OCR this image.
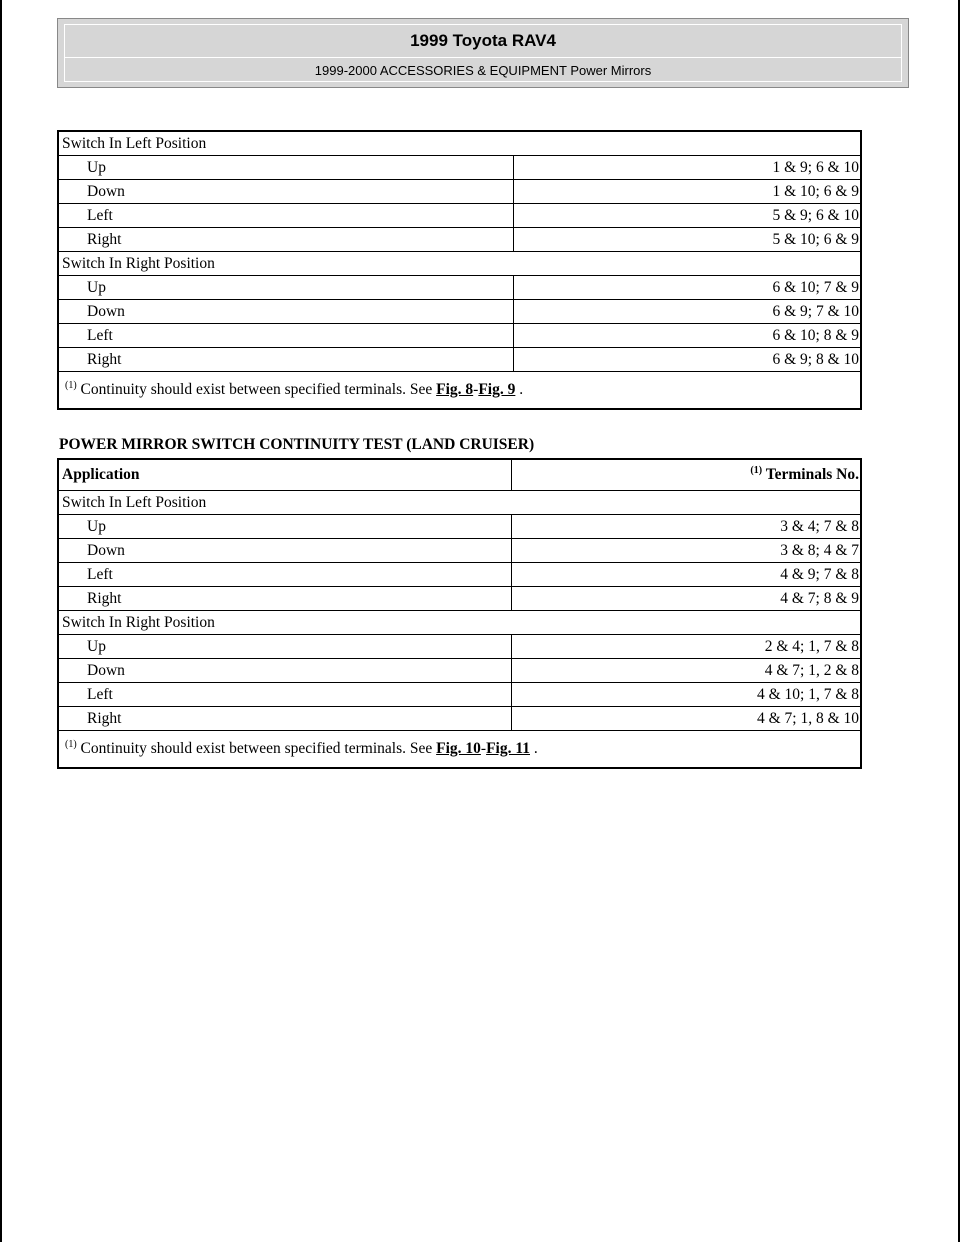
1999 Toyota RAV4
1999-2000 ACCESSORIES & EQUIPMENT Power Mirrors
Switch In Left Position	
Up	1 & 9; 6 & 10
Down	1 & 10; 6 & 9
Left	5 & 9; 6 & 10
Right	5 & 10; 6 & 9
Switch In Right Position	
Up	6 & 10; 7 & 9
Down	6 & 9; 7 & 10
Left	6 & 10; 8 & 9
Right	6 & 9; 8 & 10
$^{(1)}$ Continuity should exist between specified terminals. See Fig. 8-Fig. 9 .	
POWER MIRROR SWITCH CONTINUITY TEST (LAND CRUISER)
Application	$^{(1)}$ Terminals No.
Switch In Left Position	
Up	3 & 4; 7 & 8
Down	3 & 8; 4 & 7
Left	4 & 9; 7 & 8
Right	4 & 7; 8 & 9
Switch In Right Position	
Up	2 & 4; 1, 7 & 8
Down	4 & 7; 1, 2 & 8
Left	4 & 10; 1, 7 & 8
Right	4 & 7; 1, 8 & 10
$^{(1)}$ Continuity should exist between specified terminals. See Fig. 10-Fig. 11 .	
